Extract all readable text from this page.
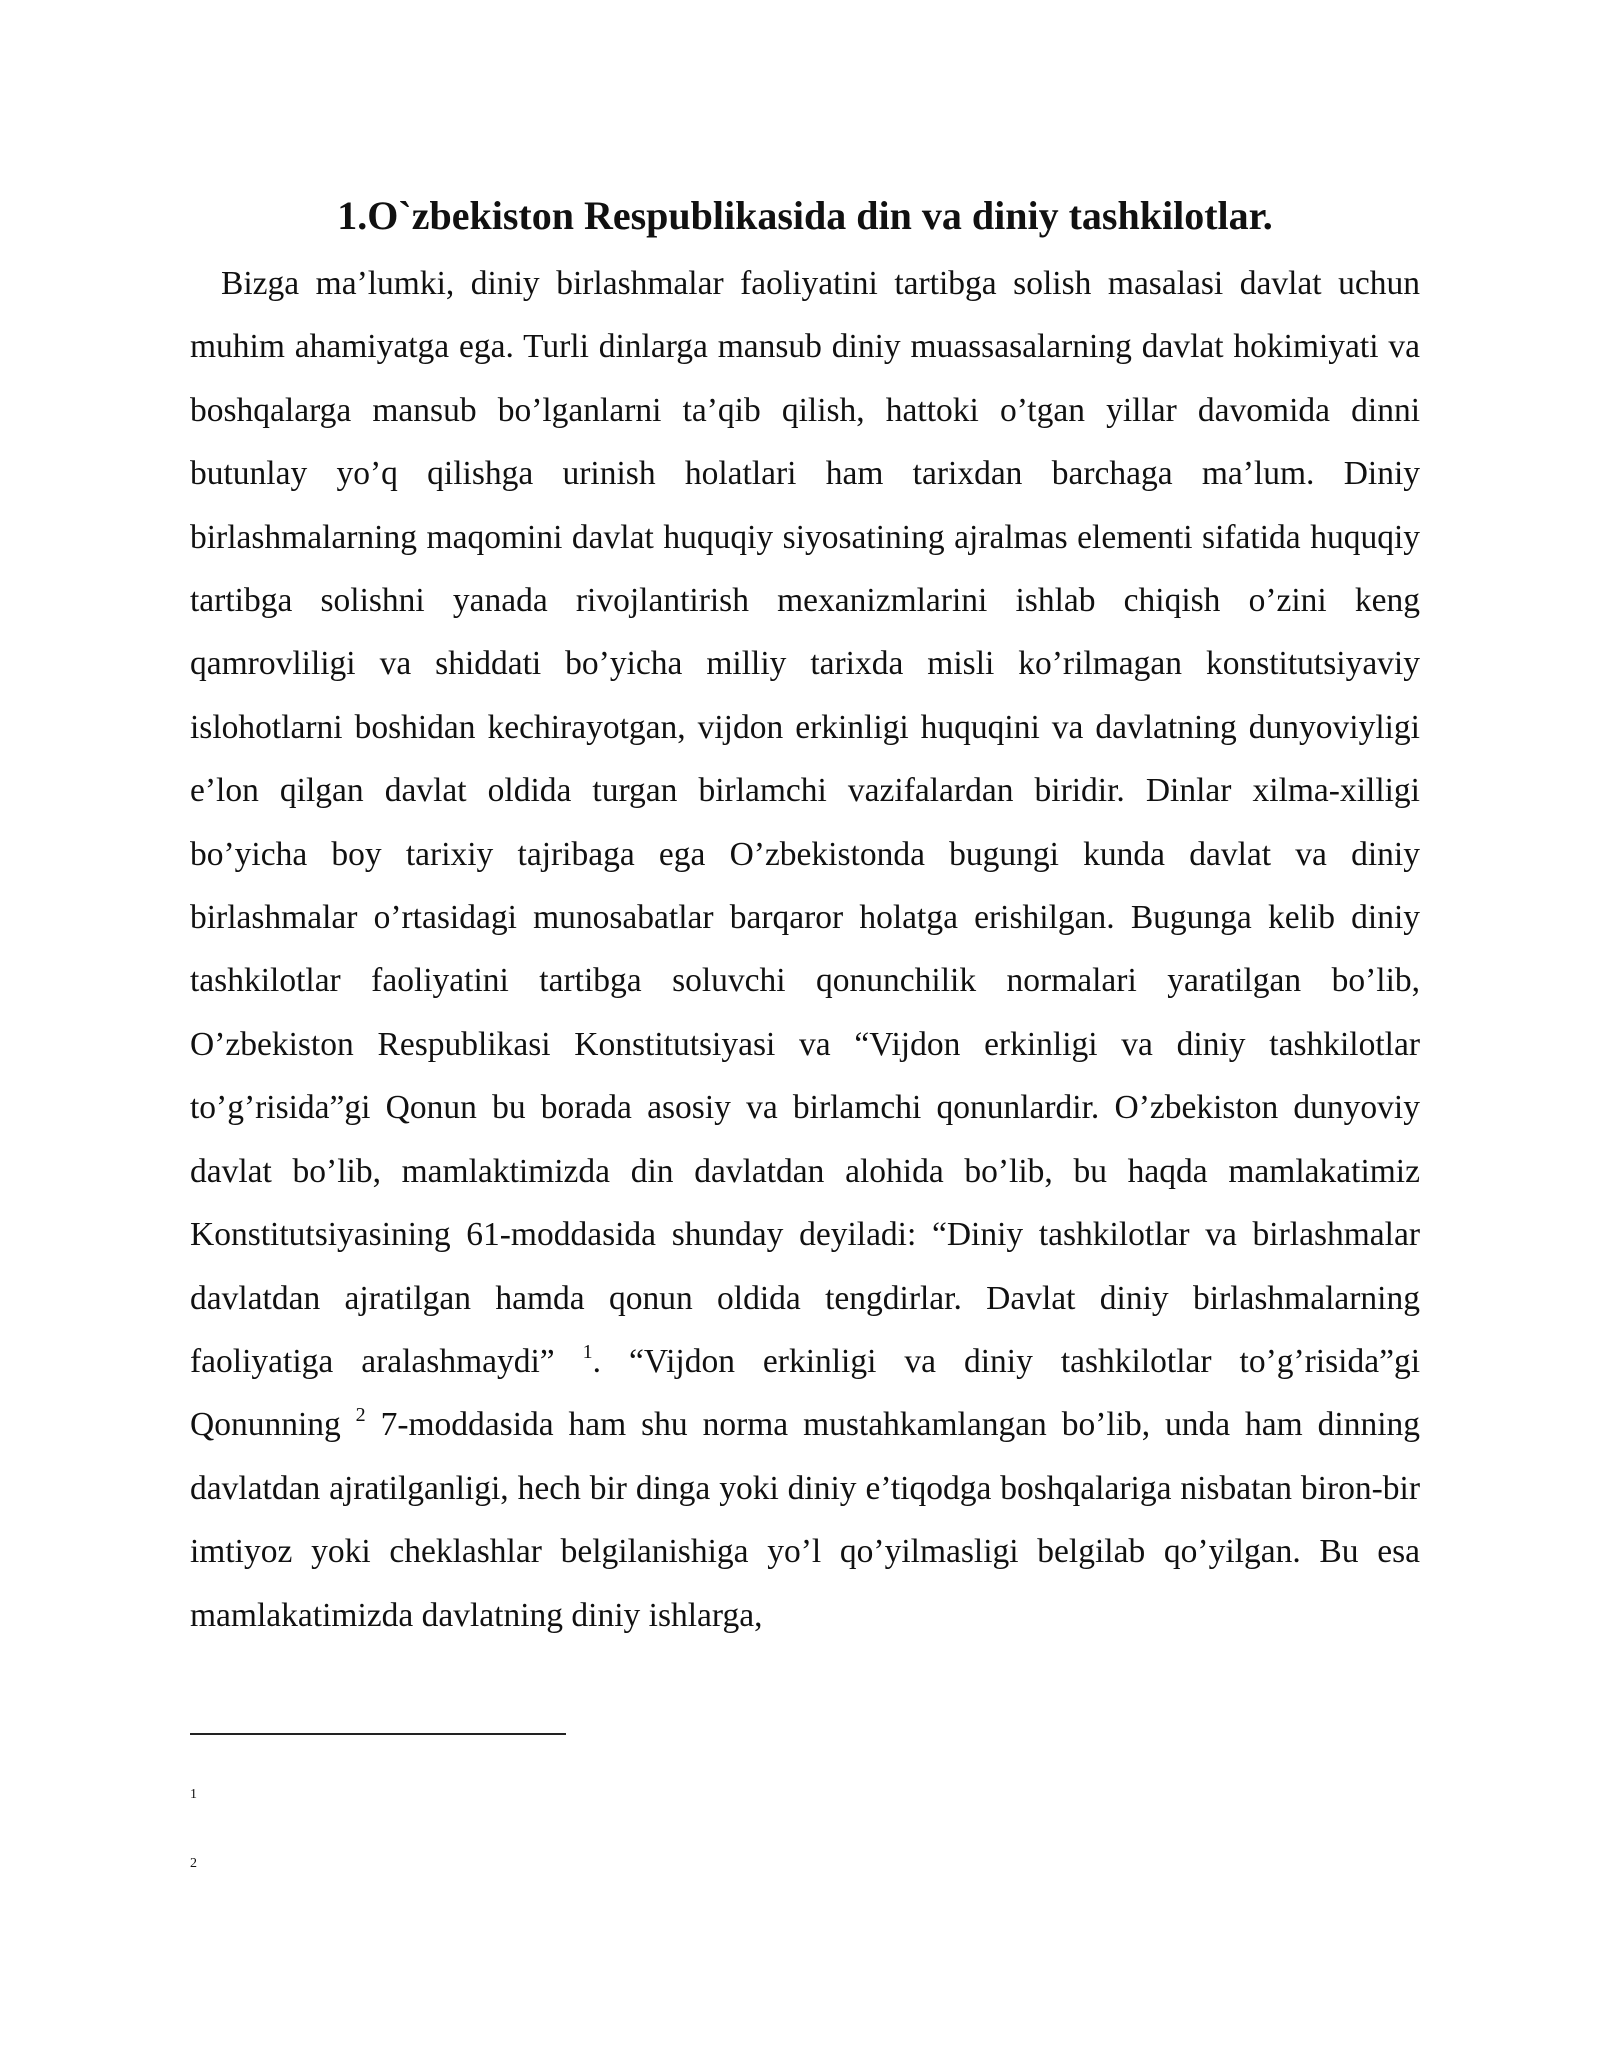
1.O`zbekiston Respublikasida din va diniy tashkilotlar.

Bizga ma’lumki, diniy birlashmalar faoliyatini tartibga solish masalasi davlat uchun muhim ahamiyatga ega. Turli dinlarga mansub diniy muassasalarning davlat hokimiyati va boshqalarga mansub bo’lganlarni ta’qib qilish, hattoki o’tgan yillar davomida dinni butunlay yo’q qilishga urinish holatlari ham tarixdan barchaga ma’lum. Diniy birlashmalarning maqomini davlat huquqiy siyosatining ajralmas elementi sifatida huquqiy tartibga solishni yanada rivojlantirish mexanizmlarini ishlab chiqish o’zini keng qamrovliligi va shiddati bo’yicha milliy tarixda misli ko’rilmagan konstitutsiyaviy islohotlarni boshidan kechirayotgan, vijdon erkinligi huquqini va davlatning dunyoviyligi e’lon qilgan davlat oldida turgan birlamchi vazifalardan biridir. Dinlar xilma-xilligi bo’yicha boy tarixiy tajribaga ega O’zbekistonda bugungi kunda davlat va diniy birlashmalar o’rtasidagi munosabatlar barqaror holatga erishilgan. Bugunga kelib diniy tashkilotlar faoliyatini tartibga soluvchi qonunchilik normalari yaratilgan bo’lib, O’zbekiston Respublikasi Konstitutsiyasi va “Vijdon erkinligi va diniy tashkilotlar to’g’risida”gi Qonun bu borada asosiy va birlamchi qonunlardir. O’zbekiston dunyoviy davlat bo’lib, mamlaktimizda din davlatdan alohida bo’lib, bu haqda mamlakatimiz Konstitutsiyasining 61-moddasida shunday deyiladi: “Diniy tashkilotlar va birlashmalar davlatdan ajratilgan hamda qonun oldida tengdirlar. Davlat diniy birlashmalarning faoliyatiga aralashmaydi” $^1$. “Vijdon erkinligi va diniy tashkilotlar to’g’risida”gi Qonunning $^2$ 7-moddasida ham shu norma mustahkamlangan bo’lib, unda ham dinning davlatdan ajratilganligi, hech bir dinga yoki diniy e’tiqodga boshqalariga nisbatan biron-bir imtiyoz yoki cheklashlar belgilanishiga yo’l qo’yilmasligi belgilab qo’yilgan. Bu esa mamlakatimizda davlatning diniy ishlarga,

1
2
